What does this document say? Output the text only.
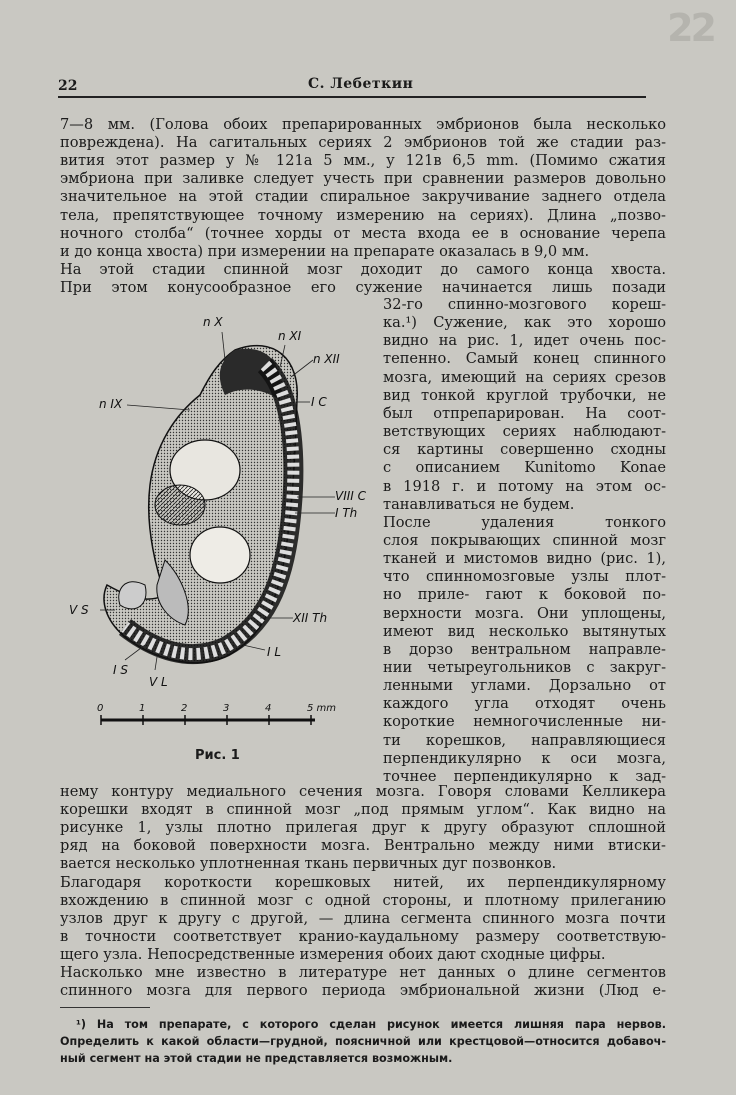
22
22	С. Лебеткин
7—8 мм. (Голова обоих препарированных эмбрионов была несколько
повреждена). На сагитальных сериях 2 эмбрионов той же стадии раз-
вития этот размер у № 121а 5 мм., у 121в 6,5 mm. (Помимо сжатия
эмбриона при заливке следует учесть при сравнении размеров довольно
значительное на этой стадии спиральное закручивание заднего отдела
тела, препятствующее точному измерению на сериях). Длина „позво-
ночного столба“ (точнее хорды от места входа ее в основание черепа
и до конца хвоста) при измерении на препарате оказалась в 9,0 мм.
На этой стадии спинной мозг доходит до самого конца хвоста.
При этом конусообразное его сужение начинается лишь позади
32-го спинно-мозгового кореш-
ка.¹) Сужение, как это хорошо
видно на рис. 1, идет очень пос-
тепенно. Самый конец спинного
мозга, имеющий на сериях срезов
вид тонкой круглой трубочки, не
был отпрепарирован. На соот-
ветствующих сериях наблюдают-
ся картины совершенно сходны
с описанием Kunitomo Konae
в 1918 г. и потому на этом ос-
танавливаться не будем.
После удаления тонкого
слоя покрывающих спинной мозг
тканей и мистомов видно (рис. 1),
что спинномозговые узлы плот-
но приле- гают к боковой по-
верхности мозга. Они уплощены,
имеют вид несколько вытянутых
в дорзо вентральном направле-
нии четыреугольников с закруг-
ленными углами. Дорзально от
каждого угла отходят очень
короткие немногочисленные ни-
ти корешков, направляющиеся
перпендикулярно к оси мозга,
точнее перпендикулярно к зад-
нему контуру медиального сечения мозга. Говоря словами Келликера
корешки входят в спинной мозг „под прямым углом“. Как видно на
рисунке 1, узлы плотно прилегая друг к другу образуют сплошной
ряд на боковой поверхности мозга. Вентрально между ними втиски-
вается несколько уплотненная ткань первичных дуг позвонков.
Благодаря короткости корешковых нитей, их перпендикулярному
вхождению в спинной мозг с одной стороны, и плотному прилеганию
узлов друг к другу с другой, — длина сегмента спинного мозга почти
в точности соответствует кранио-каудальному размеру соответствую-
щего узла. Непосредственные измерения обоих дают сходные цифры.
Насколько мне известно в литературе нет данных о длине сегментов
спинного мозга для первого периода эмбриональной жизни (Люд е-
n X
n XI
n XII
n IX	I C
VIII C
I Th
XII Th
I L
V S
I S
V L
0	1	2	3	4	5 mm
Рис. 1
¹) На том препарате, с которого сделан рисунок имеется лишняя пара нервов.
Определить к какой области—грудной, поясничной или крестцовой—относится добавоч-
ный сегмент на этой стадии не представляется возможным.
